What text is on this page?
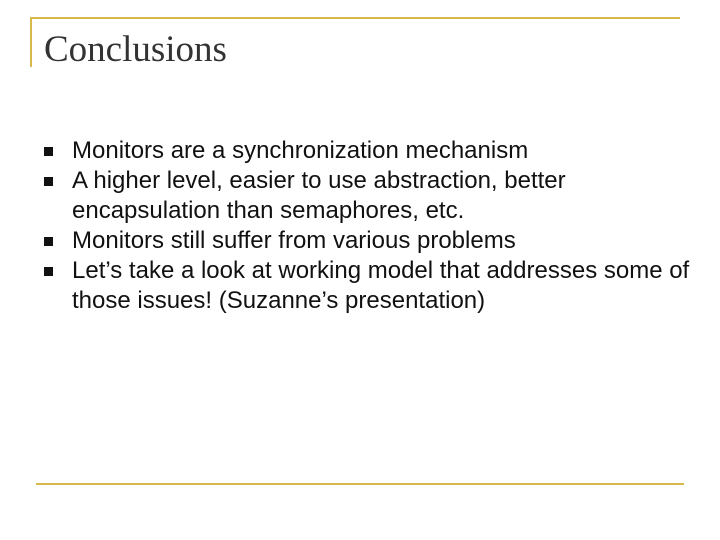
Conclusions
Monitors are a synchronization mechanism
A higher level, easier to use abstraction, better encapsulation than semaphores, etc.
Monitors still suffer from various problems
Let’s take a look at working model that addresses some of those issues! (Suzanne’s presentation)
